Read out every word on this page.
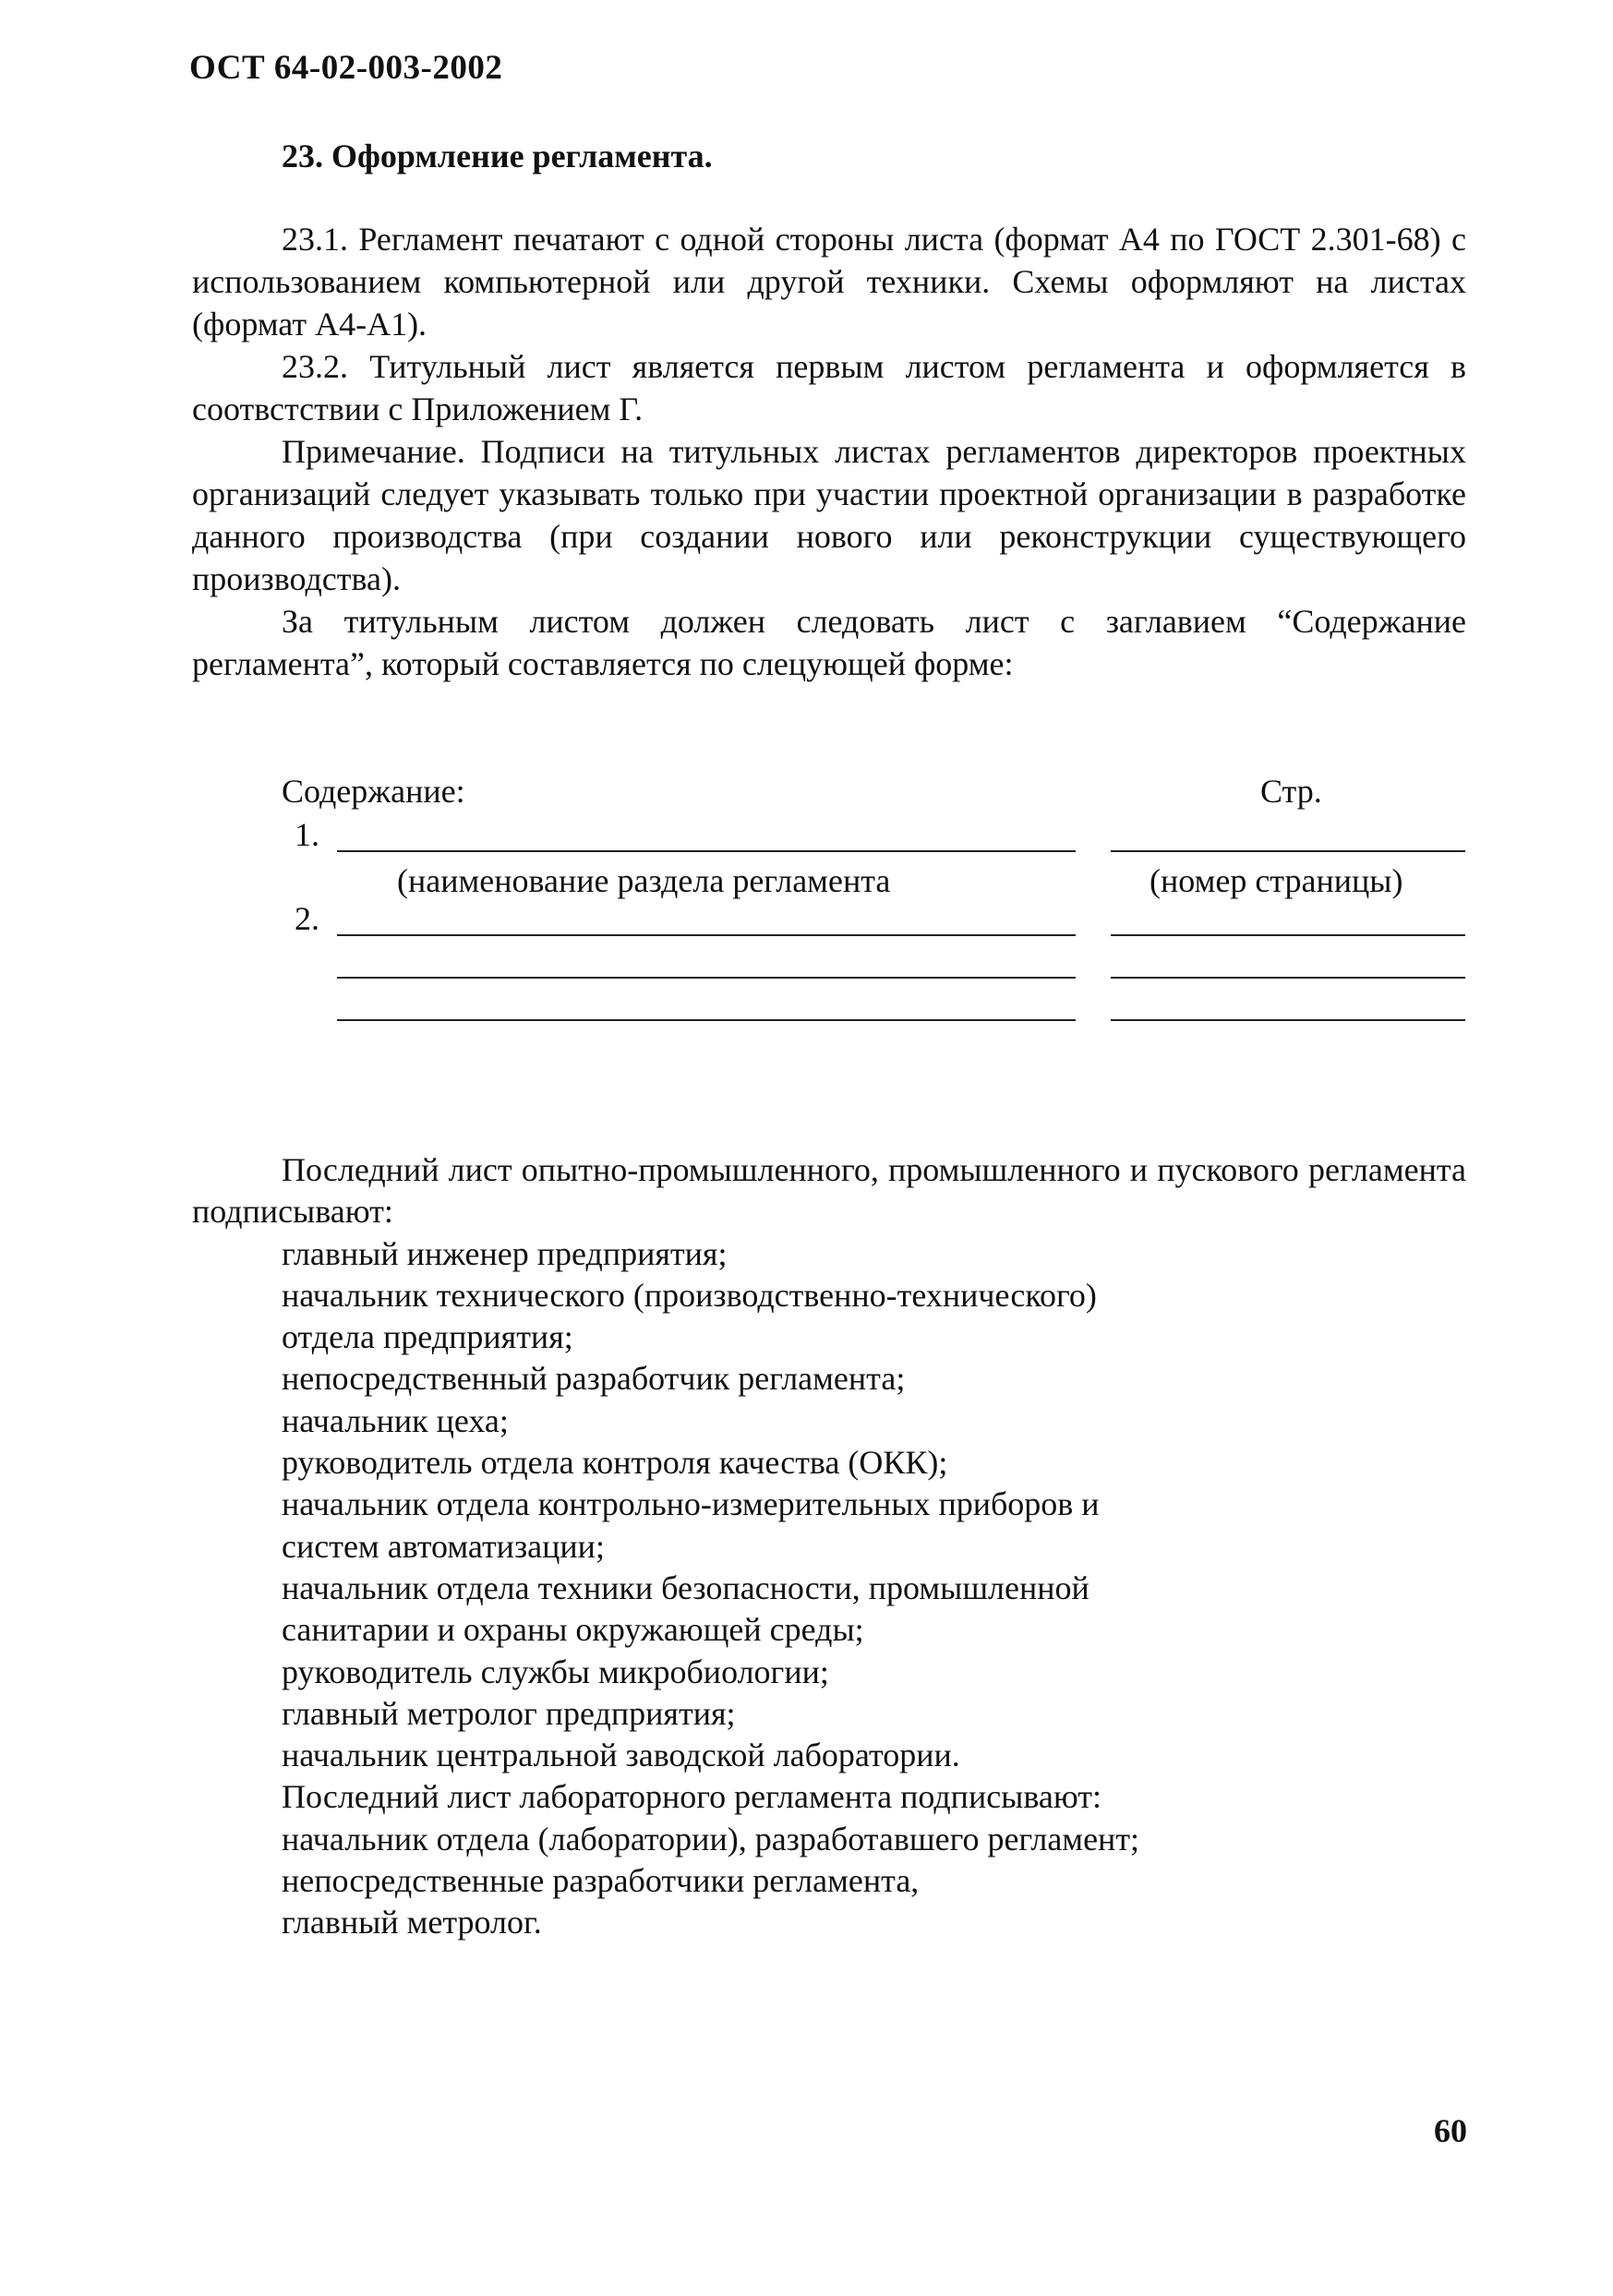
ОСТ 64-02-003-2002
23. Оформление регламента.

23.1. Регламент печатают с одной стороны листа (формат А4 по ГОСТ 2.301-68) с использованием компьютерной или другой техники. Схемы оформляют на листах (формат А4-А1).

23.2. Титульный лист является первым листом регламента и оформляется в соотвстствии с Приложением Г.

Примечание. Подписи на титульных листах регламентов директоров проектных организаций следует указывать только при участии проектной организации в разработке данного производства (при создании нового или реконструкции существующего производства).

За титульным листом должен следовать лист с заглавием “Содержание регламента”, который составляется по слецующей форме:

Содержание:	Стр.
1.
(наименование раздела регламента	(номер страницы)
2.

Последний лист опытно-промышленного, промышленного и пускового регламента подписывают:

главный инженер предприятия;

начальник технического (производственно-технического)

отдела предприятия;

непосредственный разработчик регламента;

начальник цеха;

руководитель отдела контроля качества (ОКК);

начальник отдела контрольно-измерительных приборов и

систем автоматизации;

начальник отдела техники безопасности, промышленной

санитарии и охраны окружающей среды;

руководитель службы микробиологии;

главный метролог предприятия;

начальник центральной заводской лаборатории.

Последний лист лабораторного регламента подписывают:

начальник отдела (лаборатории), разработавшего регламент;

непосредственные разработчики регламента,

главный метролог.

60
